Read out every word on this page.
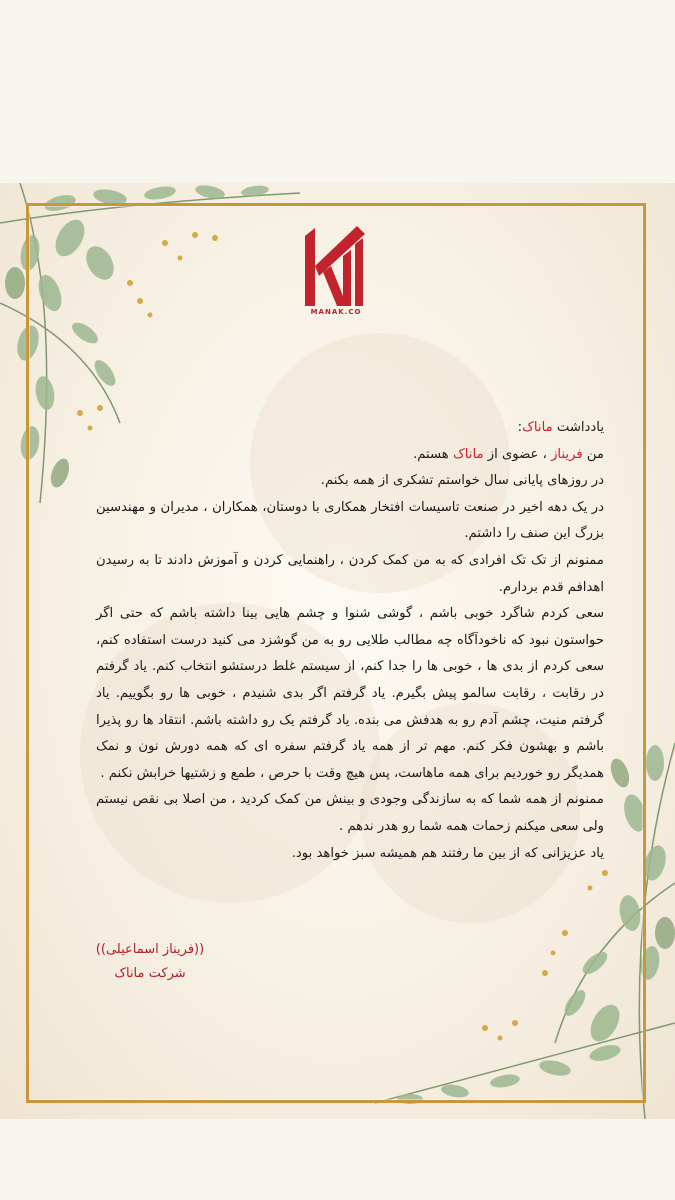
MANAK.CO

یادداشت ماناک:

من فریناز ، عضوی از ماناک هستم.

در روزهای پایانی سال خواستم تشکری از همه بکنم.

در یک دهه اخیر در صنعت تاسیسات افتخار همکاری با دوستان، همکاران ، مدیران و مهندسین بزرگ این صنف را داشتم.

ممنونم از تک تک افرادی که به من کمک کردن ، راهنمایی کردن و آموزش دادند تا به رسیدن اهدافم قدم بردارم.

سعی کردم شاگرد خوبی باشم ، گوشی شنوا و چشم هایی بینا داشته باشم که حتی اگر حواستون نبود که ناخودآگاه چه مطالب طلایی رو به من گوشزد می کنید درست استفاده کنم، سعی کردم از بدی ها ، خوبی ها را جدا کنم، از سیستم غلط درستشو انتخاب کنم. یاد گرفتم در رقابت ، رقابت سالمو پیش بگیرم. یاد گرفتم اگر بدی شنیدم ، خوبی ها رو بگوییم. یاد گرفتم منیت، چشم آدم رو به هدفش می بنده. یاد گرفتم یک رو داشته باشم. انتقاد ها رو پذیرا باشم و بهشون فکر کنم. مهم تر از همه یاد گرفتم سفره ای که همه دورش نون و نمک همدیگر رو خوردیم برای همه ماهاست، پس هیچ وقت با حرص ، طمع و زشتیها خرابش نکنم .

ممنونم از همه شما که به سازندگی وجودی و بینش من کمک کردید ، من اصلا بی نقص نیستم ولی سعی میکنم زحمات همه شما رو هدر ندهم .

یاد عزیزانی که از بین ما رفتند هم همیشه سبز خواهد بود.

((فریناز اسماعیلی))
شرکت ماناک
